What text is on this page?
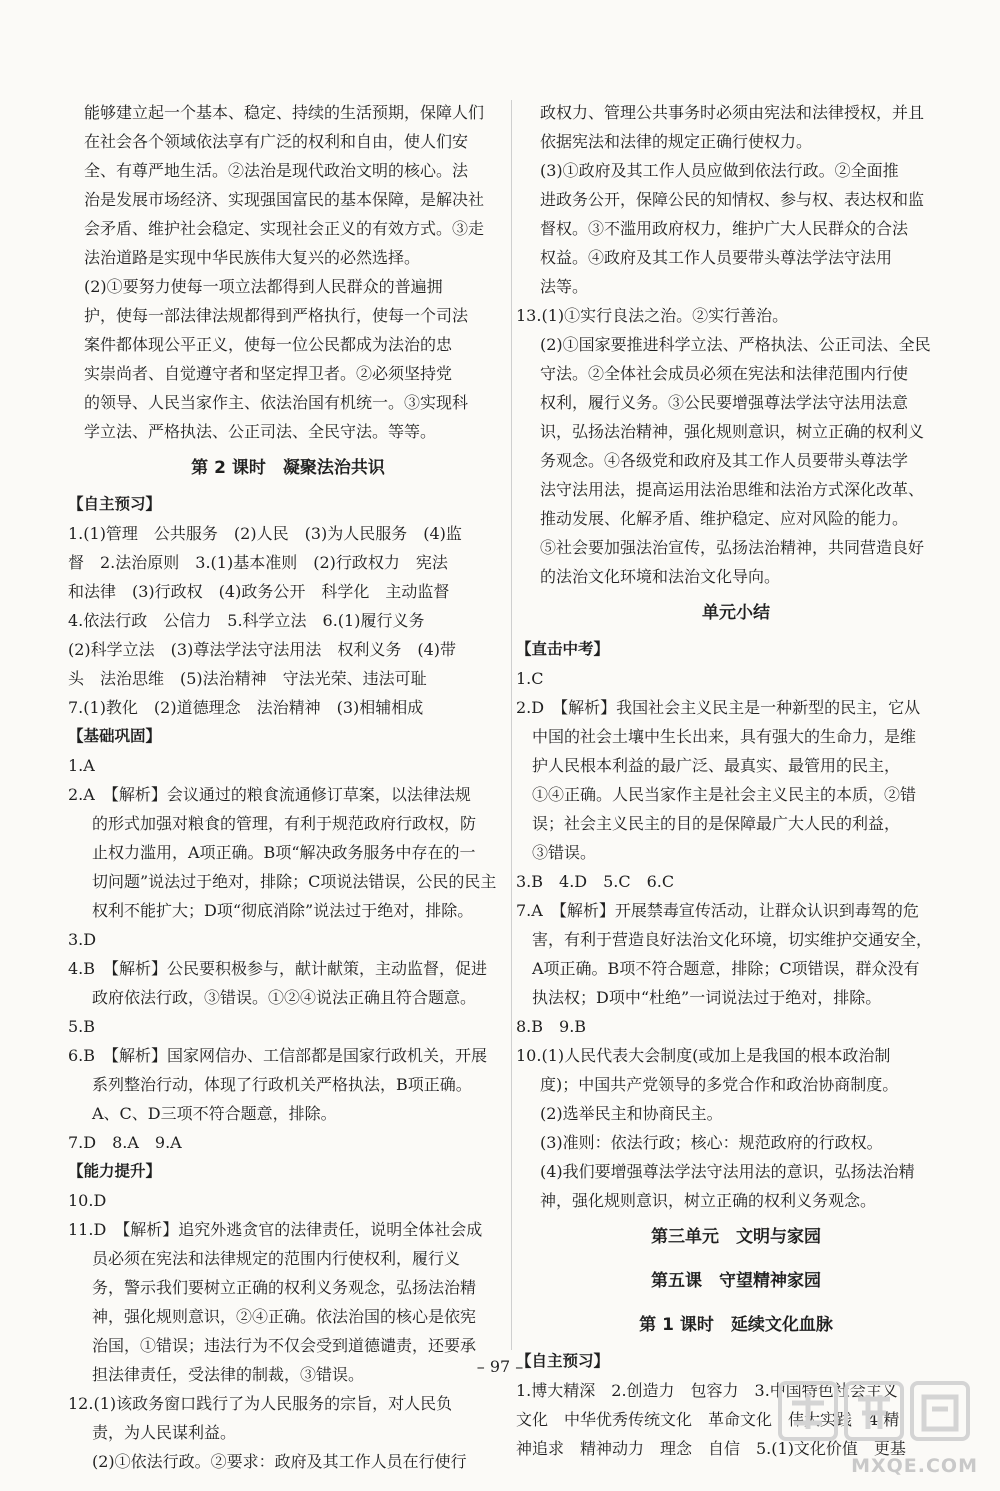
能够建立起一个基本、稳定、持续的生活预期，保障人们
在社会各个领域依法享有广泛的权利和自由，使人们安
全、有尊严地生活。②法治是现代政治文明的核心。法
治是发展市场经济、实现强国富民的基本保障，是解决社
会矛盾、维护社会稳定、实现社会正义的有效方式。③走
法治道路是实现中华民族伟大复兴的必然选择。
(2)①要努力使每一项立法都得到人民群众的普遍拥
护，使每一部法律法规都得到严格执行，使每一个司法
案件都体现公平正义，使每一位公民都成为法治的忠
实崇尚者、自觉遵守者和坚定捍卫者。②必须坚持党
的领导、人民当家作主、依法治国有机统一。③实现科
学立法、严格执法、公正司法、全民守法。等等。
第 2 课时　凝聚法治共识
【自主预习】
1.(1)管理　公共服务　(2)人民　(3)为人民服务　(4)监
督　2.法治原则　3.(1)基本准则　(2)行政权力　宪法
和法律　(3)行政权　(4)政务公开　科学化　主动监督
4.依法行政　公信力　5.科学立法　6.(1)履行义务
(2)科学立法　(3)尊法学法守法用法　权利义务　(4)带
头　法治思维　(5)法治精神　守法光荣、违法可耻
7.(1)教化　(2)道德理念　法治精神　(3)相辅相成
【基础巩固】
1.A
2.A　【解析】会议通过的粮食流通修订草案，以法律法规
的形式加强对粮食的管理，有利于规范政府行政权，防
止权力滥用，A项正确。B项“解决政务服务中存在的一
切问题”说法过于绝对，排除；C项说法错误，公民的民主
权利不能扩大；D项“彻底消除”说法过于绝对，排除。
3.D
4.B　【解析】公民要积极参与，献计献策，主动监督，促进
政府依法行政，③错误。①②④说法正确且符合题意。
5.B
6.B　【解析】国家网信办、工信部都是国家行政机关，开展
系列整治行动，体现了行政机关严格执法，B项正确。
A、C、D三项不符合题意，排除。
7.D　8.A　9.A
【能力提升】
10.D
11.D　【解析】追究外逃贪官的法律责任，说明全体社会成
员必须在宪法和法律规定的范围内行使权利，履行义
务，警示我们要树立正确的权利义务观念，弘扬法治精
神，强化规则意识，②④正确。依法治国的核心是依宪
治国，①错误；违法行为不仅会受到道德谴责，还要承
担法律责任，受法律的制裁，③错误。
12.(1)该政务窗口践行了为人民服务的宗旨，对人民负
责，为人民谋利益。
(2)①依法行政。②要求：政府及其工作人员在行使行
政权力、管理公共事务时必须由宪法和法律授权，并且
依据宪法和法律的规定正确行使权力。
(3)①政府及其工作人员应做到依法行政。②全面推
进政务公开，保障公民的知情权、参与权、表达权和监
督权。③不滥用政府权力，维护广大人民群众的合法
权益。④政府及其工作人员要带头尊法学法守法用
法等。
13.(1)①实行良法之治。②实行善治。
(2)①国家要推进科学立法、严格执法、公正司法、全民
守法。②全体社会成员必须在宪法和法律范围内行使
权利，履行义务。③公民要增强尊法学法守法用法意
识，弘扬法治精神，强化规则意识，树立正确的权利义
务观念。④各级党和政府及其工作人员要带头尊法学
法守法用法，提高运用法治思维和法治方式深化改革、
推动发展、化解矛盾、维护稳定、应对风险的能力。
⑤社会要加强法治宣传，弘扬法治精神，共同营造良好
的法治文化环境和法治文化导向。
单元小结
【直击中考】
1.C
2.D　【解析】我国社会主义民主是一种新型的民主，它从
中国的社会土壤中生长出来，具有强大的生命力，是维
护人民根本利益的最广泛、最真实、最管用的民主，
①④正确。人民当家作主是社会主义民主的本质，②错
误；社会主义民主的目的是保障最广大人民的利益，
③错误。
3.B　4.D　5.C　6.C
7.A　【解析】开展禁毒宣传活动，让群众认识到毒驾的危
害，有利于营造良好法治文化环境，切实维护交通安全，
A项正确。B项不符合题意，排除；C项错误，群众没有
执法权；D项中“杜绝”一词说法过于绝对，排除。
8.B　9.B
10.(1)人民代表大会制度(或加上是我国的根本政治制
度)；中国共产党领导的多党合作和政治协商制度。
(2)选举民主和协商民主。
(3)准则：依法行政；核心：规范政府的行政权。
(4)我们要增强尊法学法守法用法的意识，弘扬法治精
神，强化规则意识，树立正确的权利义务观念。
第三单元　文明与家园
第五课　守望精神家园
第 1 课时　延续文化血脉
【自主预习】
1.博大精深　2.创造力　包容力　3.中国特色社会主义
文化　中华优秀传统文化　革命文化　伟大实践　4.精
神追求　精神动力　理念　自信　5.(1)文化价值　更基
– 97 –
MXQE.COM
